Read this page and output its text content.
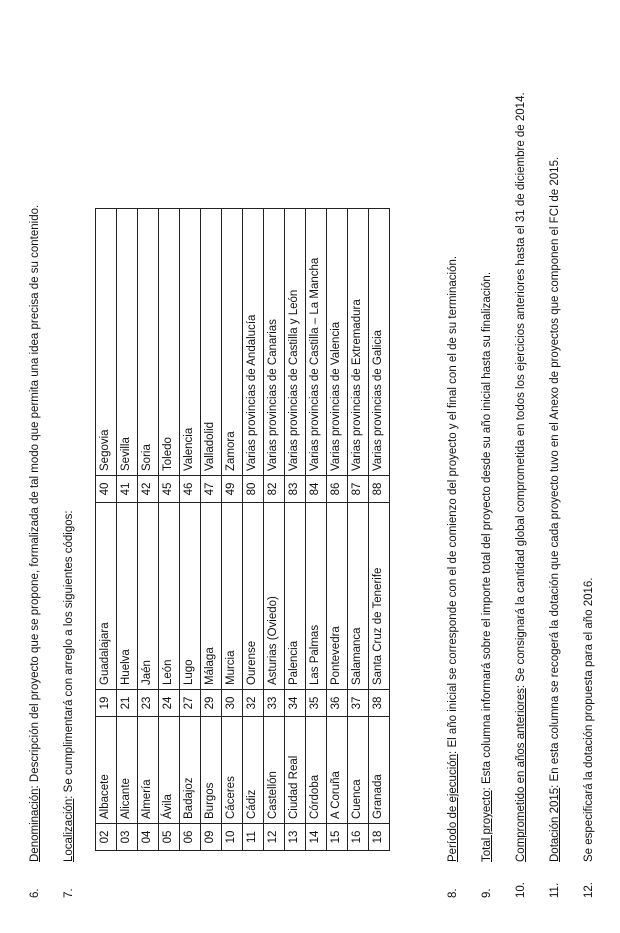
6.
Denominación: Descripción del proyecto que se propone, formalizada de tal modo que permita una idea precisa de su contenido.
7.
Localización: Se cumplimentará con arreglo a los siguientes códigos:
02	Albacete	19	Guadalajara	40	Segovia
03	Alicante	21	Huelva	41	Sevilla
04	Almería	23	Jaén	42	Soria
05	Ávila	24	León	45	Toledo
06	Badajoz	27	Lugo	46	Valencia
09	Burgos	29	Málaga	47	Valladolid
10	Cáceres	30	Murcia	49	Zamora
11	Cádiz	32	Ourense	80	Varias provincias de Andalucía
12	Castellón	33	Asturias (Oviedo)	82	Varias provincias de Canarias
13	Ciudad Real	34	Palencia	83	Varias provincias de Castilla y León
14	Córdoba	35	Las Palmas	84	Varias provincias de Castilla – La Mancha
15	A Coruña	36	Pontevedra	86	Varias provincias de Valencia
16	Cuenca	37	Salamanca	87	Varias provincias de Extremadura
18	Granada	38	Santa Cruz de Tenerife	88	Varias provincias de Galicia
8.
Período de ejecución: El año inicial se corresponde con el de comienzo del proyecto y el final con el de su terminación.
9.
Total proyecto: Esta columna informará sobre el importe total del proyecto desde su año inicial hasta su finalización.
10.
Comprometido en años anteriores: Se consignará la cantidad global comprometida en todos los ejercicios anteriores hasta el 31 de diciembre de 2014.
11.
Dotación 2015: En esta columna se recogerá la dotación que cada proyecto tuvo en el Anexo de proyectos que componen el FCI de 2015.
12.
Se especificará la dotación propuesta para el año 2016.
